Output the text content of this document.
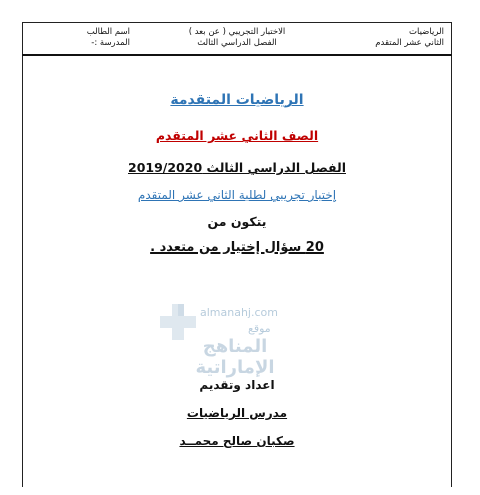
الرياضيات
الثاني عشر المتقدم
الاختبار التجريبي ( عن بعد )
الفصل الدراسي الثالث
اسم الطالب
المدرسة :-
الرياضيات المتقدمة
الصف الثاني عشر المتقدم
الفصل الدراسي الثالث 2019/2020
إختبار تجريبي لطلبة الثاني عشر المتقدم
يتكون من
20 سؤال إختيار من متعدد .
almanahj.com
موقع
المناهج الإماراتية
اعداد وتقديم
مدرس الرياضيات
صكبان صالح محمــد
